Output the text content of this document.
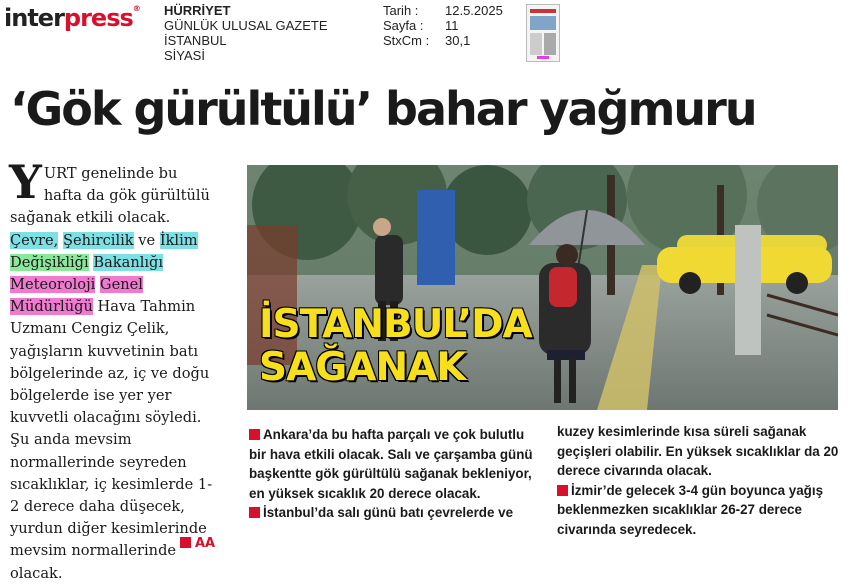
interpress® HÜRRİYET
GÜNLÜK ULUSAL GAZETE
İSTANBUL
SİYASİ
Tarih :	12.5.2025
Sayfa :	11
StxCm :	30,1
‘Gök gürültülü’ bahar yağmuru
YURT genelinde bu hafta da gök gürültülü sağanak etkili olacak. Çevre, Şehircilik ve İklim Değişikliği Bakanlığı Meteoroloji Genel Müdürlüğü Hava Tahmin Uzmanı Cengiz Çelik, yağışların kuvvetinin batı bölgelerinde az, iç ve doğu bölgelerde ise yer yer kuvvetli olacağını söyledi. Şu anda mevsim normallerinde seyreden sıcaklıklar, iç kesimlerde 1-2 derece daha düşecek, yurdun diğer kesimlerinde mevsim normallerinde olacak.
AA
İSTANBUL’DA
SAĞANAK
Ankara’da bu hafta parçalı ve çok bulutlu bir hava etkili olacak. Salı ve çarşamba günü başkentte gök gürültülü sağanak bekleniyor, en yüksek sıcaklık 20 derece olacak.
İstanbul’da salı günü batı çevrelerde ve
kuzey kesimlerinde kısa süreli sağanak geçişleri olabilir. En yüksek sıcaklıklar da 20 derece civarında olacak.
İzmir’de gelecek 3-4 gün boyunca yağış beklenmezken sıcaklıklar 26-27 derece civarında seyredecek.
